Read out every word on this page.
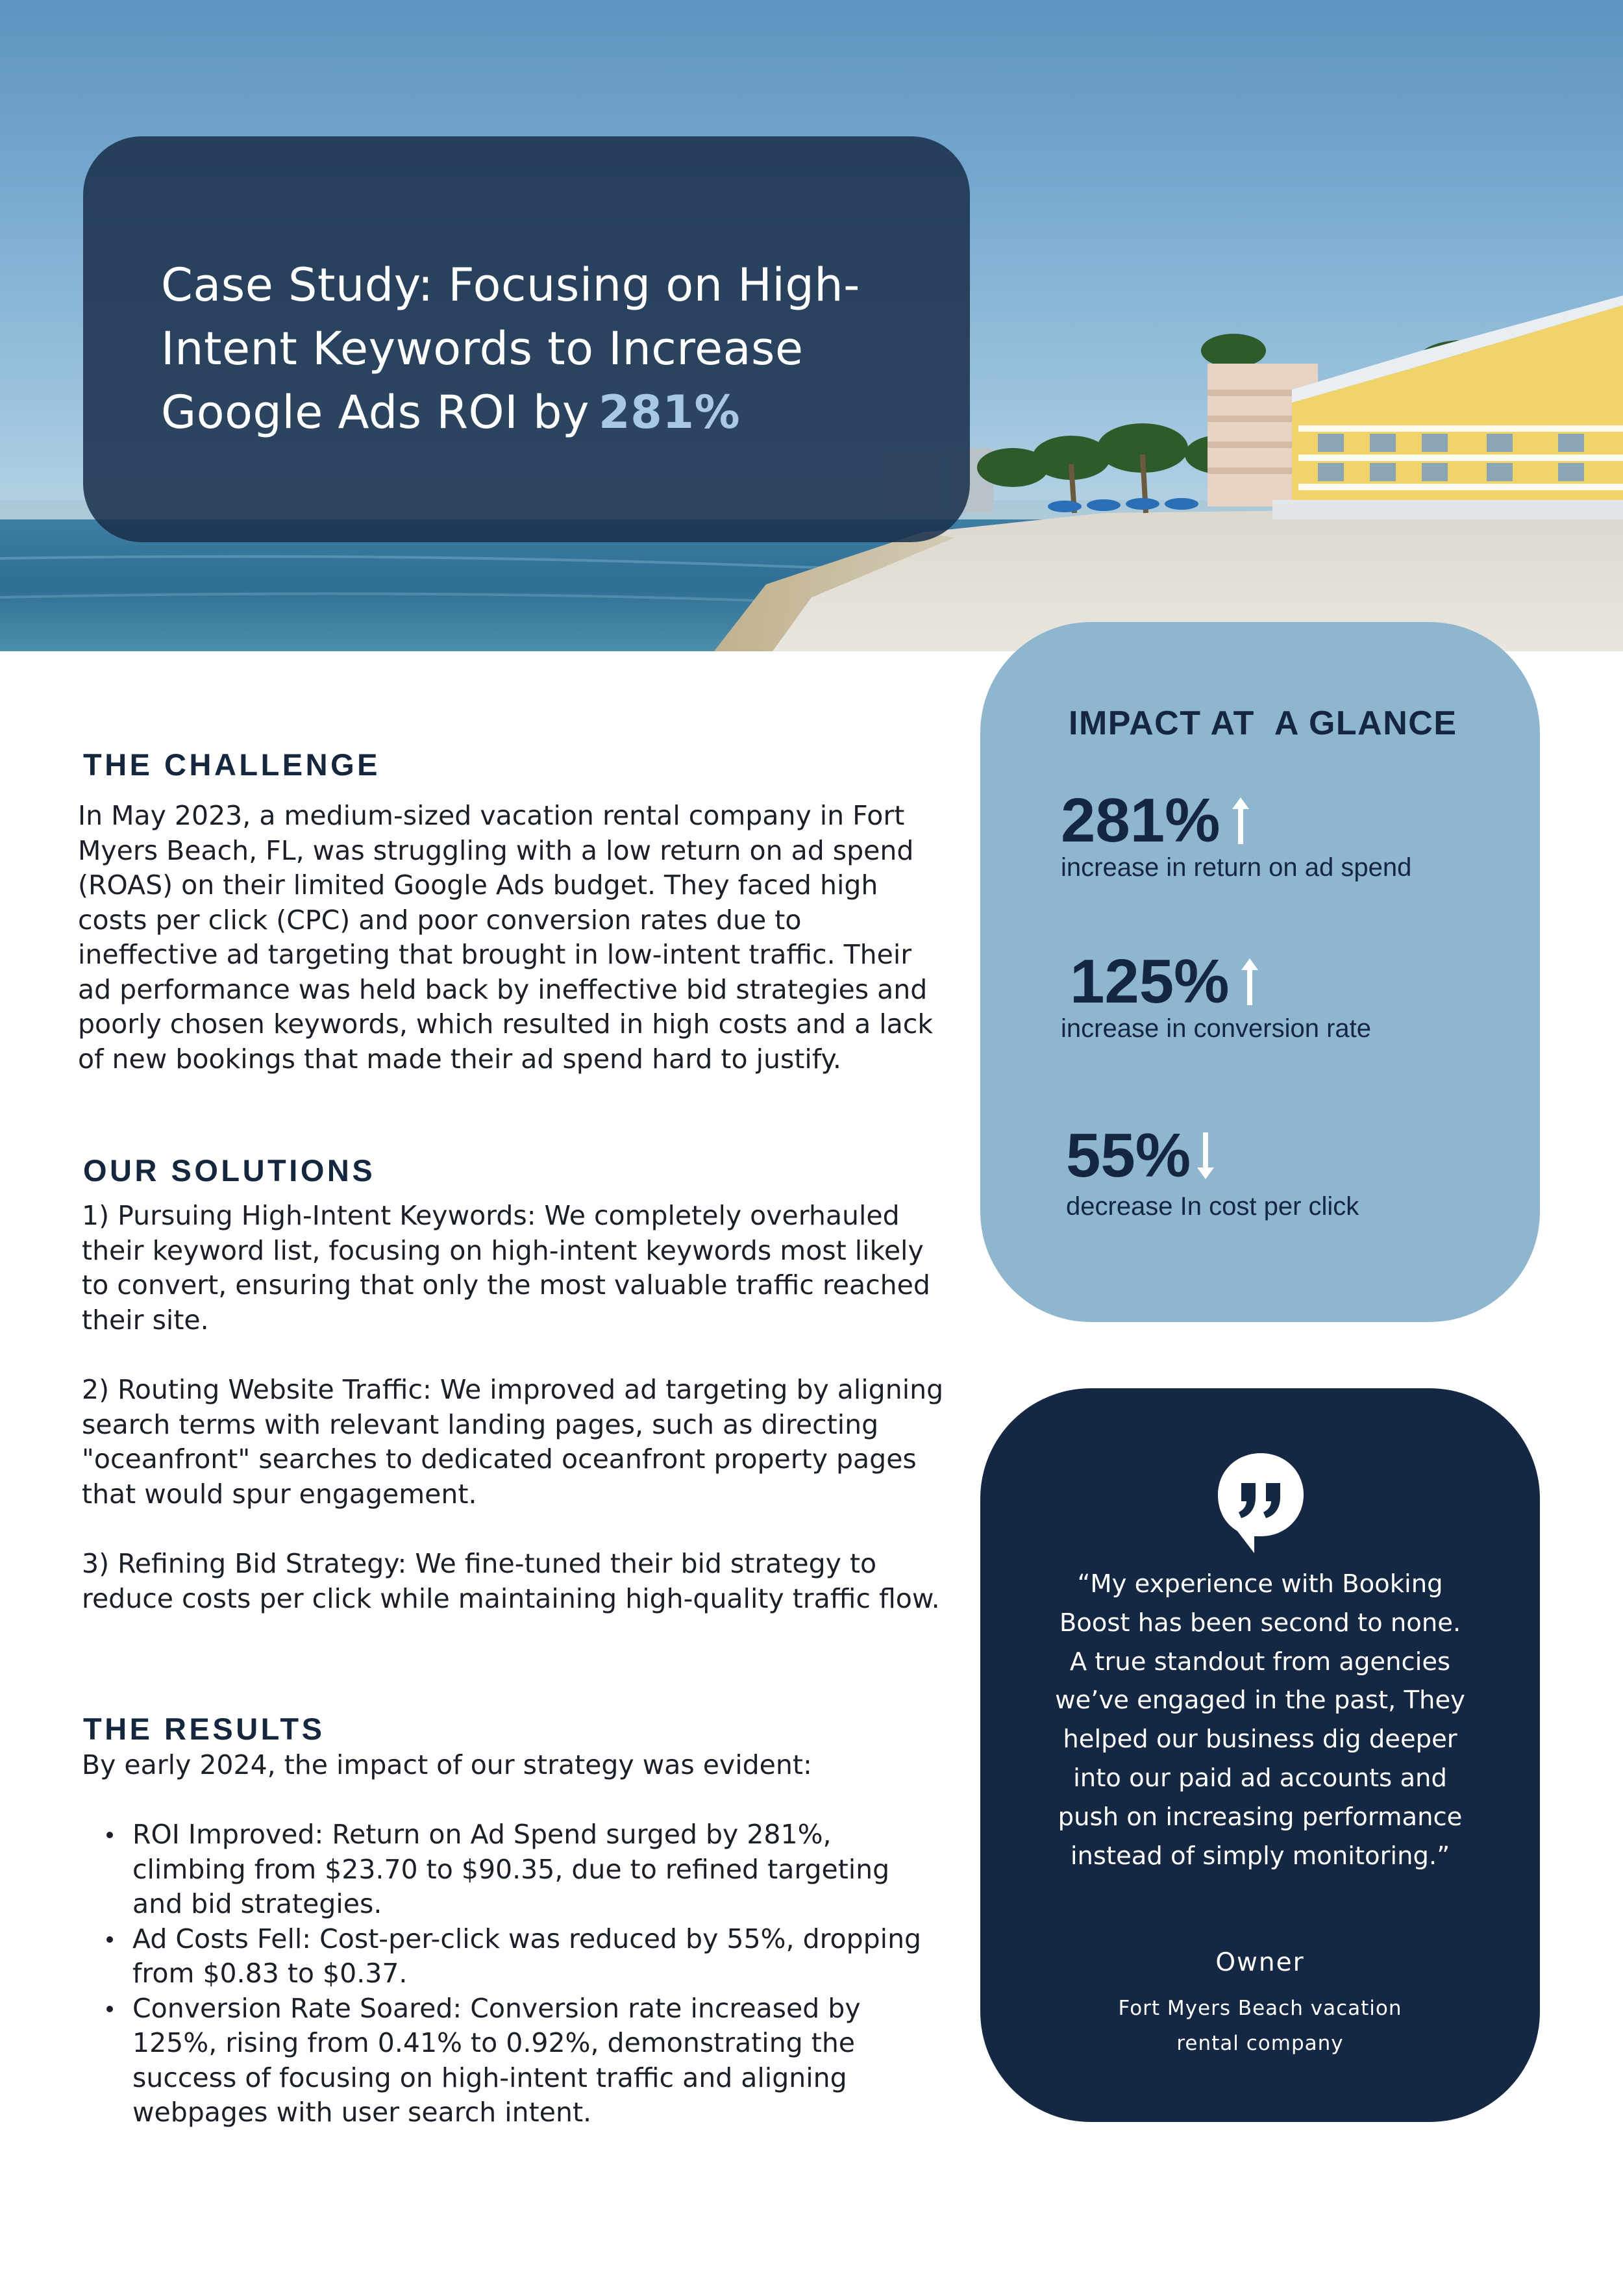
Case Study: Focusing on High-
Intent Keywords to Increase
Google Ads ROI by 281%
THE CHALLENGE

In May 2023, a medium-sized vacation rental company in Fort Myers Beach, FL, was struggling with a low return on ad spend (ROAS) on their limited Google Ads budget. They faced high costs per click (CPC) and poor conversion rates due to ineffective ad targeting that brought in low-intent traffic. Their ad performance was held back by ineffective bid strategies and poorly chosen keywords, which resulted in high costs and a lack of new bookings that made their ad spend hard to justify.

OUR SOLUTIONS

1) Pursuing High-Intent Keywords: We completely overhauled their keyword list, focusing on high-intent keywords most likely to convert, ensuring that only the most valuable traffic reached their site.

2) Routing Website Traffic: We improved ad targeting by aligning search terms with relevant landing pages, such as directing "oceanfront" searches to dedicated oceanfront property pages that would spur engagement.

3) Refining Bid Strategy: We fine-tuned their bid strategy to reduce costs per click while maintaining high-quality traffic flow.

THE RESULTS

By early 2024, the impact of our strategy was evident:

ROI Improved: Return on Ad Spend surged by 281%, climbing from $23.70 to $90.35, due to refined targeting and bid strategies.
Ad Costs Fell: Cost-per-click was reduced by 55%, dropping from $0.83 to $0.37.
Conversion Rate Soared: Conversion rate increased by 125%, rising from 0.41% to 0.92%, demonstrating the success of focusing on high-intent traffic and aligning webpages with user search intent.
IMPACT AT  A GLANCE
281%
increase in return on ad spend
125%
increase in conversion rate
55%
decrease In cost per click

“My experience with Booking Boost has been second to none. A true standout from agencies we’ve engaged in the past, They helped our business dig deeper into our paid ad accounts and push on increasing performance instead of simply monitoring.”

Owner

Fort Myers Beach vacation rental company
